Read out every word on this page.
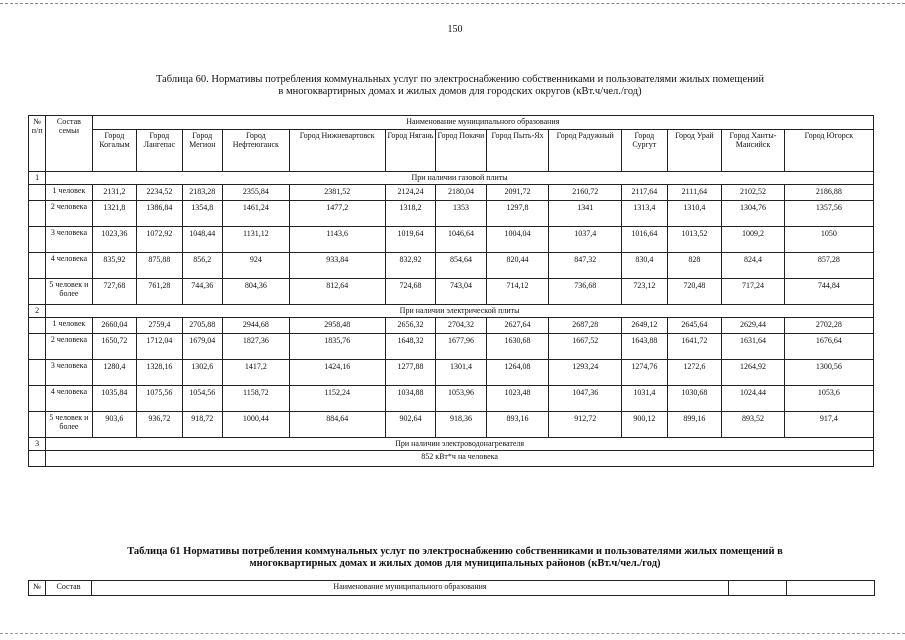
150
Таблица 60. Нормативы потребления коммунальных услуг по электроснабжению собственниками и пользователями жилых помещений
в многоквартирных домах и жилых домов для городских округов (кВт.ч/чел./год)
№ п/п	Состав семьи	Наименование муниципального образования												
		Город Когалым	Город Лангепас	Город Мегион	Город Нефтеюганск	Город Нижневартовск	Город Нягань	Город Покачи	Город Пыть-Ях	Город Радужный	Город Сургут	Город Урай	Город Ханты-Мансийск	Город Югорск
1	При наличии газовой плиты													
	1 человек	2131,2	2234,52	2183,28	2355,84	2381,52	2124,24	2180,04	2091,72	2160,72	2117,64	2111,64	2102,52	2186,88
	2 человека	1321,8	1386,84	1354,8	1461,24	1477,2	1318,2	1353	1297,8	1341	1313,4	1310,4	1304,76	1357,56
	3 человека	1023,36	1072,92	1048,44	1131,12	1143,6	1019,64	1046,64	1004,04	1037,4	1016,64	1013,52	1009,2	1050
	4 человека	835,92	875,88	856,2	924	933,84	832,92	854,64	820,44	847,32	830,4	828	824,4	857,28
	5 человек и более	727,68	761,28	744,36	804,36	812,64	724,68	743,04	714,12	736,68	723,12	720,48	717,24	744,84
2	При наличии электрической плиты													
	1 человек	2660,04	2759,4	2705,88	2944,68	2958,48	2656,32	2704,32	2627,64	2687,28	2649,12	2645,64	2629,44	2702,28
	2 человека	1650,72	1712,04	1679,04	1827,36	1835,76	1648,32	1677,96	1630,68	1667,52	1643,88	1641,72	1631,64	1676,64
	3 человека	1280,4	1328,16	1302,6	1417,2	1424,16	1277,88	1301,4	1264,08	1293,24	1274,76	1272,6	1264,92	1300,56
	4 человека	1035,84	1075,56	1054,56	1158,72	1152,24	1034,88	1053,96	1023,48	1047,36	1031,4	1030,68	1024,44	1053,6
	5 человек и более	903,6	936,72	918,72	1000,44	884,64	902,64	918,36	893,16	912,72	900,12	899,16	893,52	917,4
3	При наличии электроводонагревателя													
	852 кВт*ч на человека													
Таблица 61 Нормативы потребления коммунальных услуг по электроснабжению собственниками и пользователями жилых помещений в
многоквартирных домах и жилых домов для муниципальных районов (кВт.ч/чел./год)
№	Состав	Наименование муниципального образования		
